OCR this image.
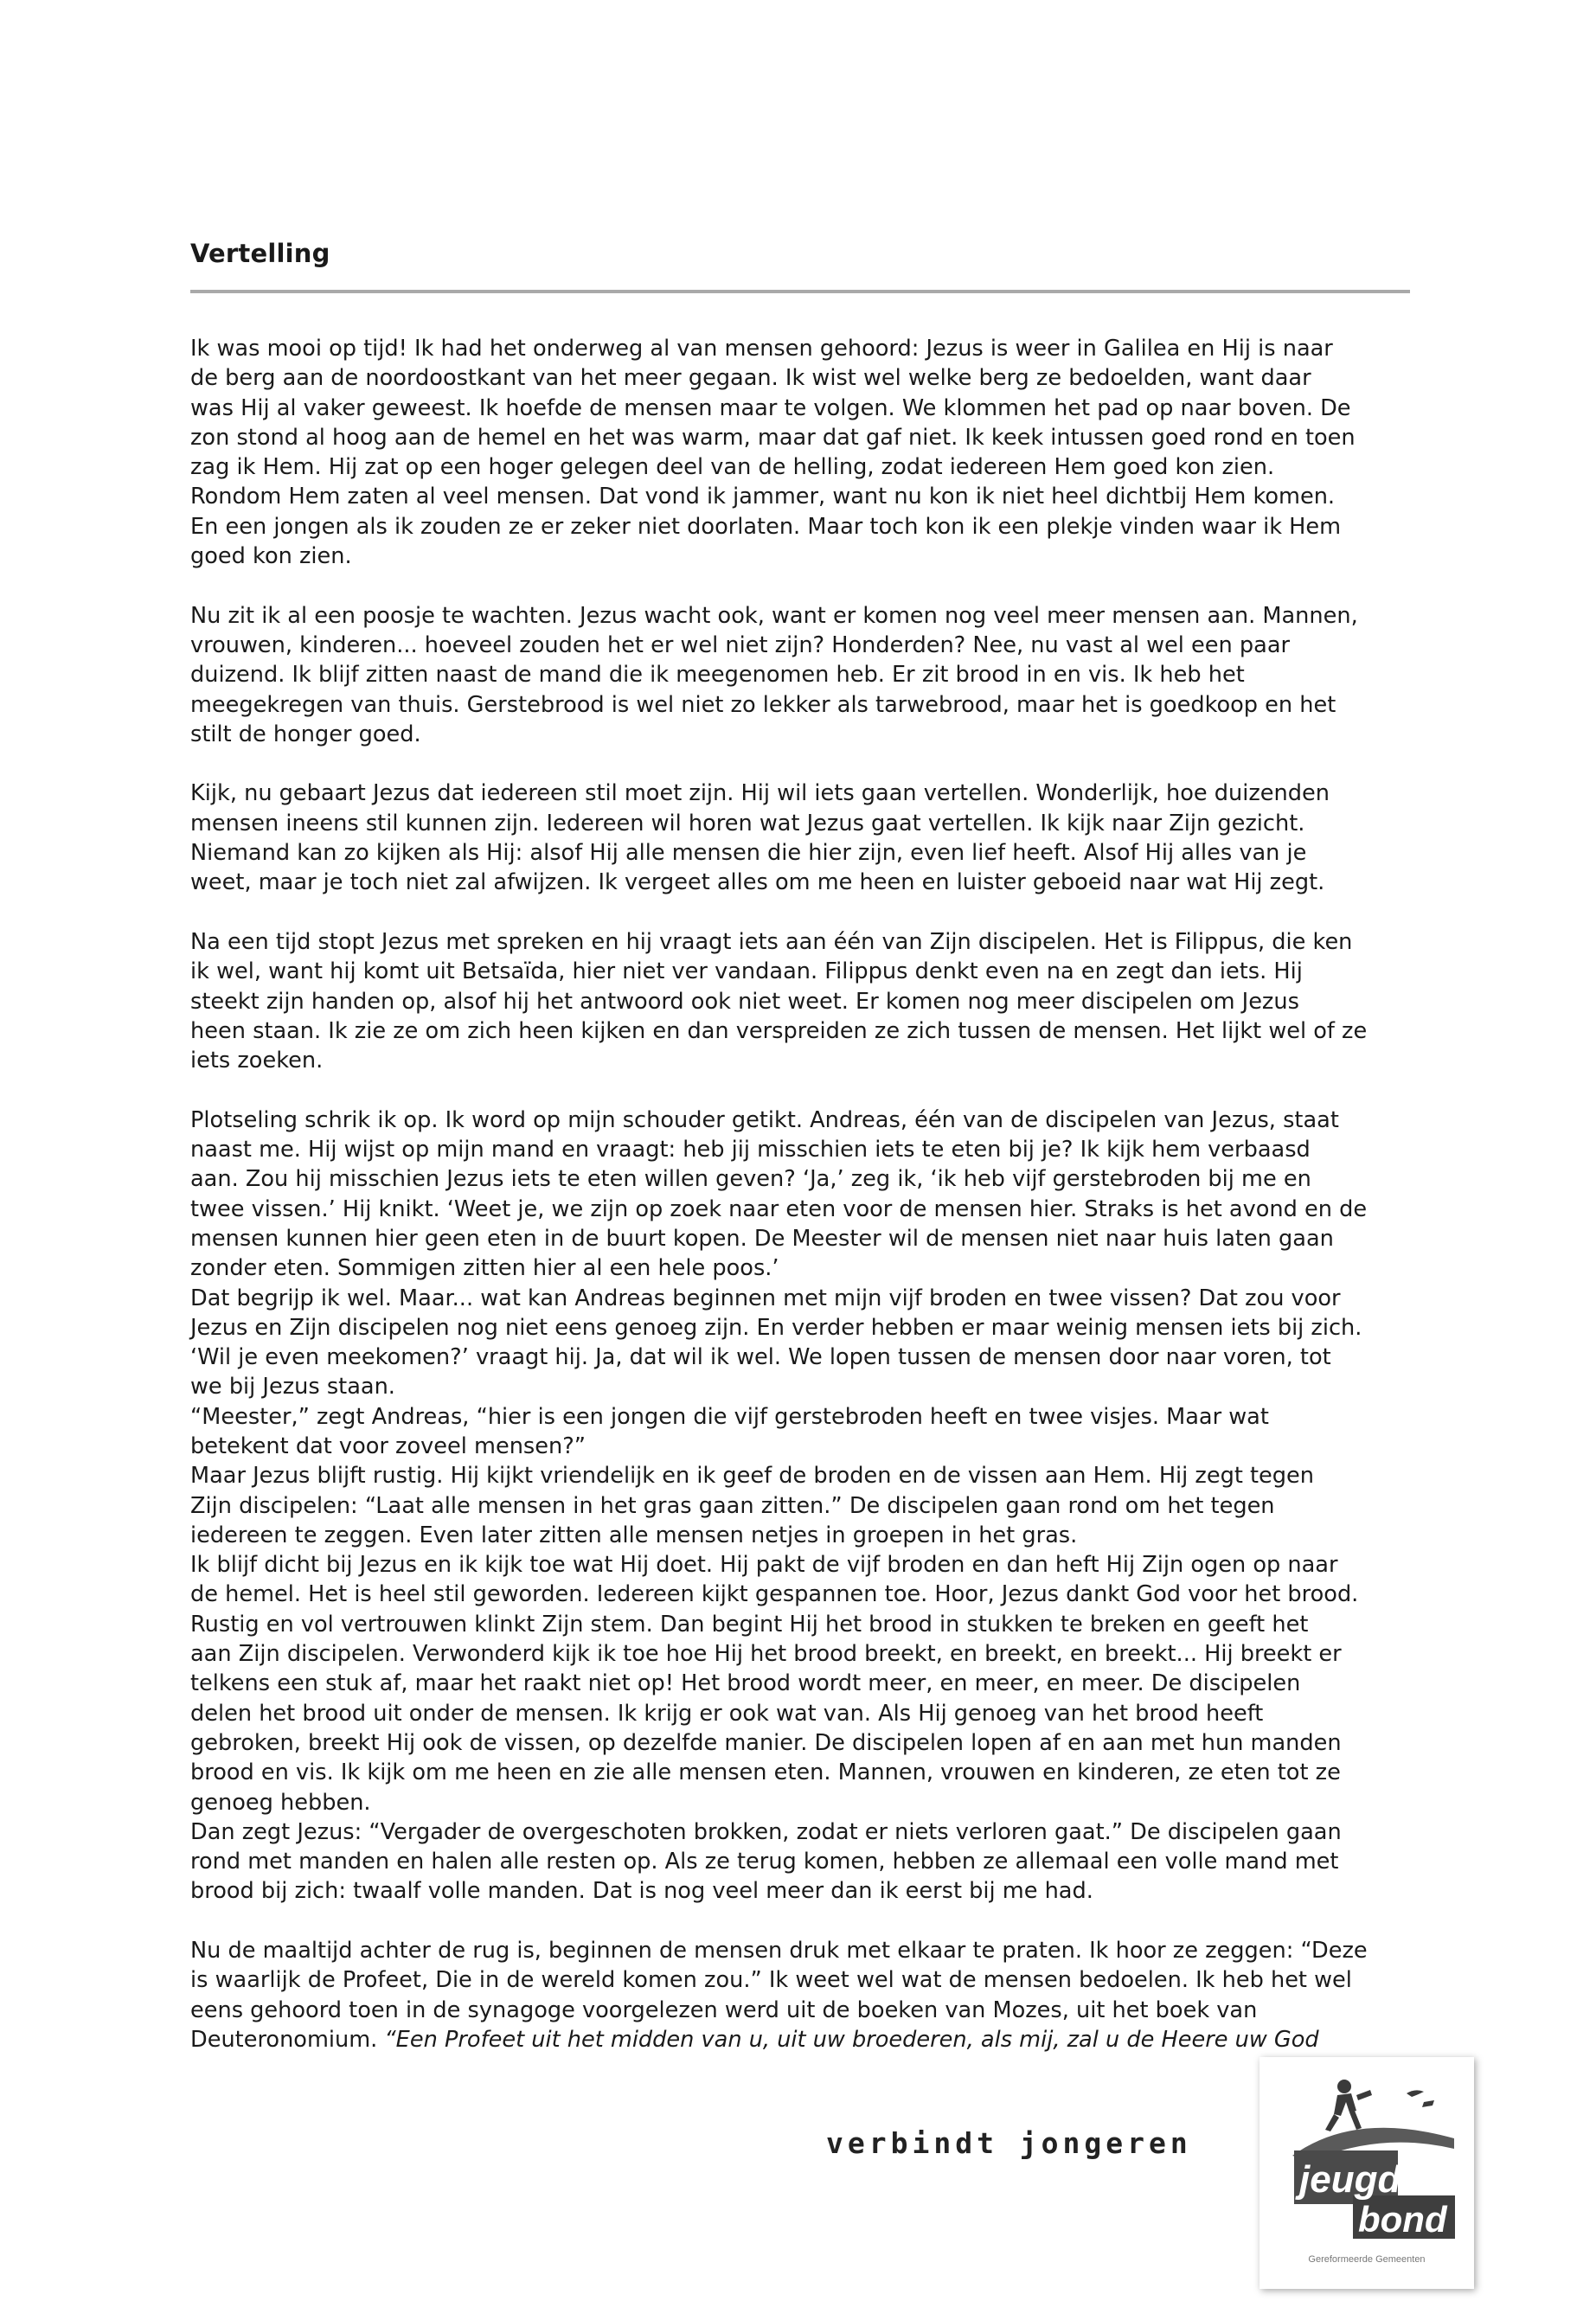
Vertelling

Ik was mooi op tijd! Ik had het onderweg al van mensen gehoord: Jezus is weer in Galilea en Hij is naar
de berg aan de noordoostkant van het meer gegaan. Ik wist wel welke berg ze bedoelden, want daar
was Hij al vaker geweest. Ik hoefde de mensen maar te volgen. We klommen het pad op naar boven. De
zon stond al hoog aan de hemel en het was warm, maar dat gaf niet. Ik keek intussen goed rond en toen
zag ik Hem. Hij zat op een hoger gelegen deel van de helling, zodat iedereen Hem goed kon zien.
Rondom Hem zaten al veel mensen. Dat vond ik jammer, want nu kon ik niet heel dichtbij Hem komen.
En een jongen als ik zouden ze er zeker niet doorlaten. Maar toch kon ik een plekje vinden waar ik Hem
goed kon zien.

Nu zit ik al een poosje te wachten. Jezus wacht ook, want er komen nog veel meer mensen aan. Mannen,
vrouwen, kinderen... hoeveel zouden het er wel niet zijn? Honderden? Nee, nu vast al wel een paar
duizend. Ik blijf zitten naast de mand die ik meegenomen heb. Er zit brood in en vis. Ik heb het
meegekregen van thuis. Gerstebrood is wel niet zo lekker als tarwebrood, maar het is goedkoop en het
stilt de honger goed.

Kijk, nu gebaart Jezus dat iedereen stil moet zijn. Hij wil iets gaan vertellen. Wonderlijk, hoe duizenden
mensen ineens stil kunnen zijn. Iedereen wil horen wat Jezus gaat vertellen. Ik kijk naar Zijn gezicht.
Niemand kan zo kijken als Hij: alsof Hij alle mensen die hier zijn, even lief heeft. Alsof Hij alles van je
weet, maar je toch niet zal afwijzen. Ik vergeet alles om me heen en luister geboeid naar wat Hij zegt.

Na een tijd stopt Jezus met spreken en hij vraagt iets aan één van Zijn discipelen. Het is Filippus, die ken
ik wel, want hij komt uit Betsaïda, hier niet ver vandaan. Filippus denkt even na en zegt dan iets. Hij
steekt zijn handen op, alsof hij het antwoord ook niet weet. Er komen nog meer discipelen om Jezus
heen staan. Ik zie ze om zich heen kijken en dan verspreiden ze zich tussen de mensen. Het lijkt wel of ze
iets zoeken.

Plotseling schrik ik op. Ik word op mijn schouder getikt. Andreas, één van de discipelen van Jezus, staat
naast me. Hij wijst op mijn mand en vraagt: heb jij misschien iets te eten bij je? Ik kijk hem verbaasd
aan. Zou hij misschien Jezus iets te eten willen geven? ‘Ja,’ zeg ik, ‘ik heb vijf gerstebroden bij me en
twee vissen.’ Hij knikt. ‘Weet je, we zijn op zoek naar eten voor de mensen hier. Straks is het avond en de
mensen kunnen hier geen eten in de buurt kopen. De Meester wil de mensen niet naar huis laten gaan
zonder eten. Sommigen zitten hier al een hele poos.’

Dat begrijp ik wel. Maar... wat kan Andreas beginnen met mijn vijf broden en twee vissen? Dat zou voor
Jezus en Zijn discipelen nog niet eens genoeg zijn. En verder hebben er maar weinig mensen iets bij zich.
‘Wil je even meekomen?’ vraagt hij. Ja, dat wil ik wel. We lopen tussen de mensen door naar voren, tot
we bij Jezus staan.

“Meester,” zegt Andreas, “hier is een jongen die vijf gerstebroden heeft en twee visjes. Maar wat
betekent dat voor zoveel mensen?”

Maar Jezus blijft rustig. Hij kijkt vriendelijk en ik geef de broden en de vissen aan Hem. Hij zegt tegen
Zijn discipelen: “Laat alle mensen in het gras gaan zitten.” De discipelen gaan rond om het tegen
iedereen te zeggen. Even later zitten alle mensen netjes in groepen in het gras.

Ik blijf dicht bij Jezus en ik kijk toe wat Hij doet. Hij pakt de vijf broden en dan heft Hij Zijn ogen op naar
de hemel. Het is heel stil geworden. Iedereen kijkt gespannen toe. Hoor, Jezus dankt God voor het brood.
Rustig en vol vertrouwen klinkt Zijn stem. Dan begint Hij het brood in stukken te breken en geeft het
aan Zijn discipelen. Verwonderd kijk ik toe hoe Hij het brood breekt, en breekt, en breekt... Hij breekt er
telkens een stuk af, maar het raakt niet op! Het brood wordt meer, en meer, en meer. De discipelen
delen het brood uit onder de mensen. Ik krijg er ook wat van. Als Hij genoeg van het brood heeft
gebroken, breekt Hij ook de vissen, op dezelfde manier. De discipelen lopen af en aan met hun manden
brood en vis. Ik kijk om me heen en zie alle mensen eten. Mannen, vrouwen en kinderen, ze eten tot ze
genoeg hebben.

Dan zegt Jezus: “Vergader de overgeschoten brokken, zodat er niets verloren gaat.” De discipelen gaan
rond met manden en halen alle resten op. Als ze terug komen, hebben ze allemaal een volle mand met
brood bij zich: twaalf volle manden. Dat is nog veel meer dan ik eerst bij me had.

Nu de maaltijd achter de rug is, beginnen de mensen druk met elkaar te praten. Ik hoor ze zeggen: “Deze
is waarlijk de Profeet, Die in de wereld komen zou.” Ik weet wel wat de mensen bedoelen. Ik heb het wel
eens gehoord toen in de synagoge voorgelezen werd uit de boeken van Mozes, uit het boek van

Deuteronomium. “Een Profeet uit het midden van u, uit uw broederen, als mij, zal u de Heere uw God

verbindt jongeren
jeugd
bond
Gereformeerde Gemeenten
